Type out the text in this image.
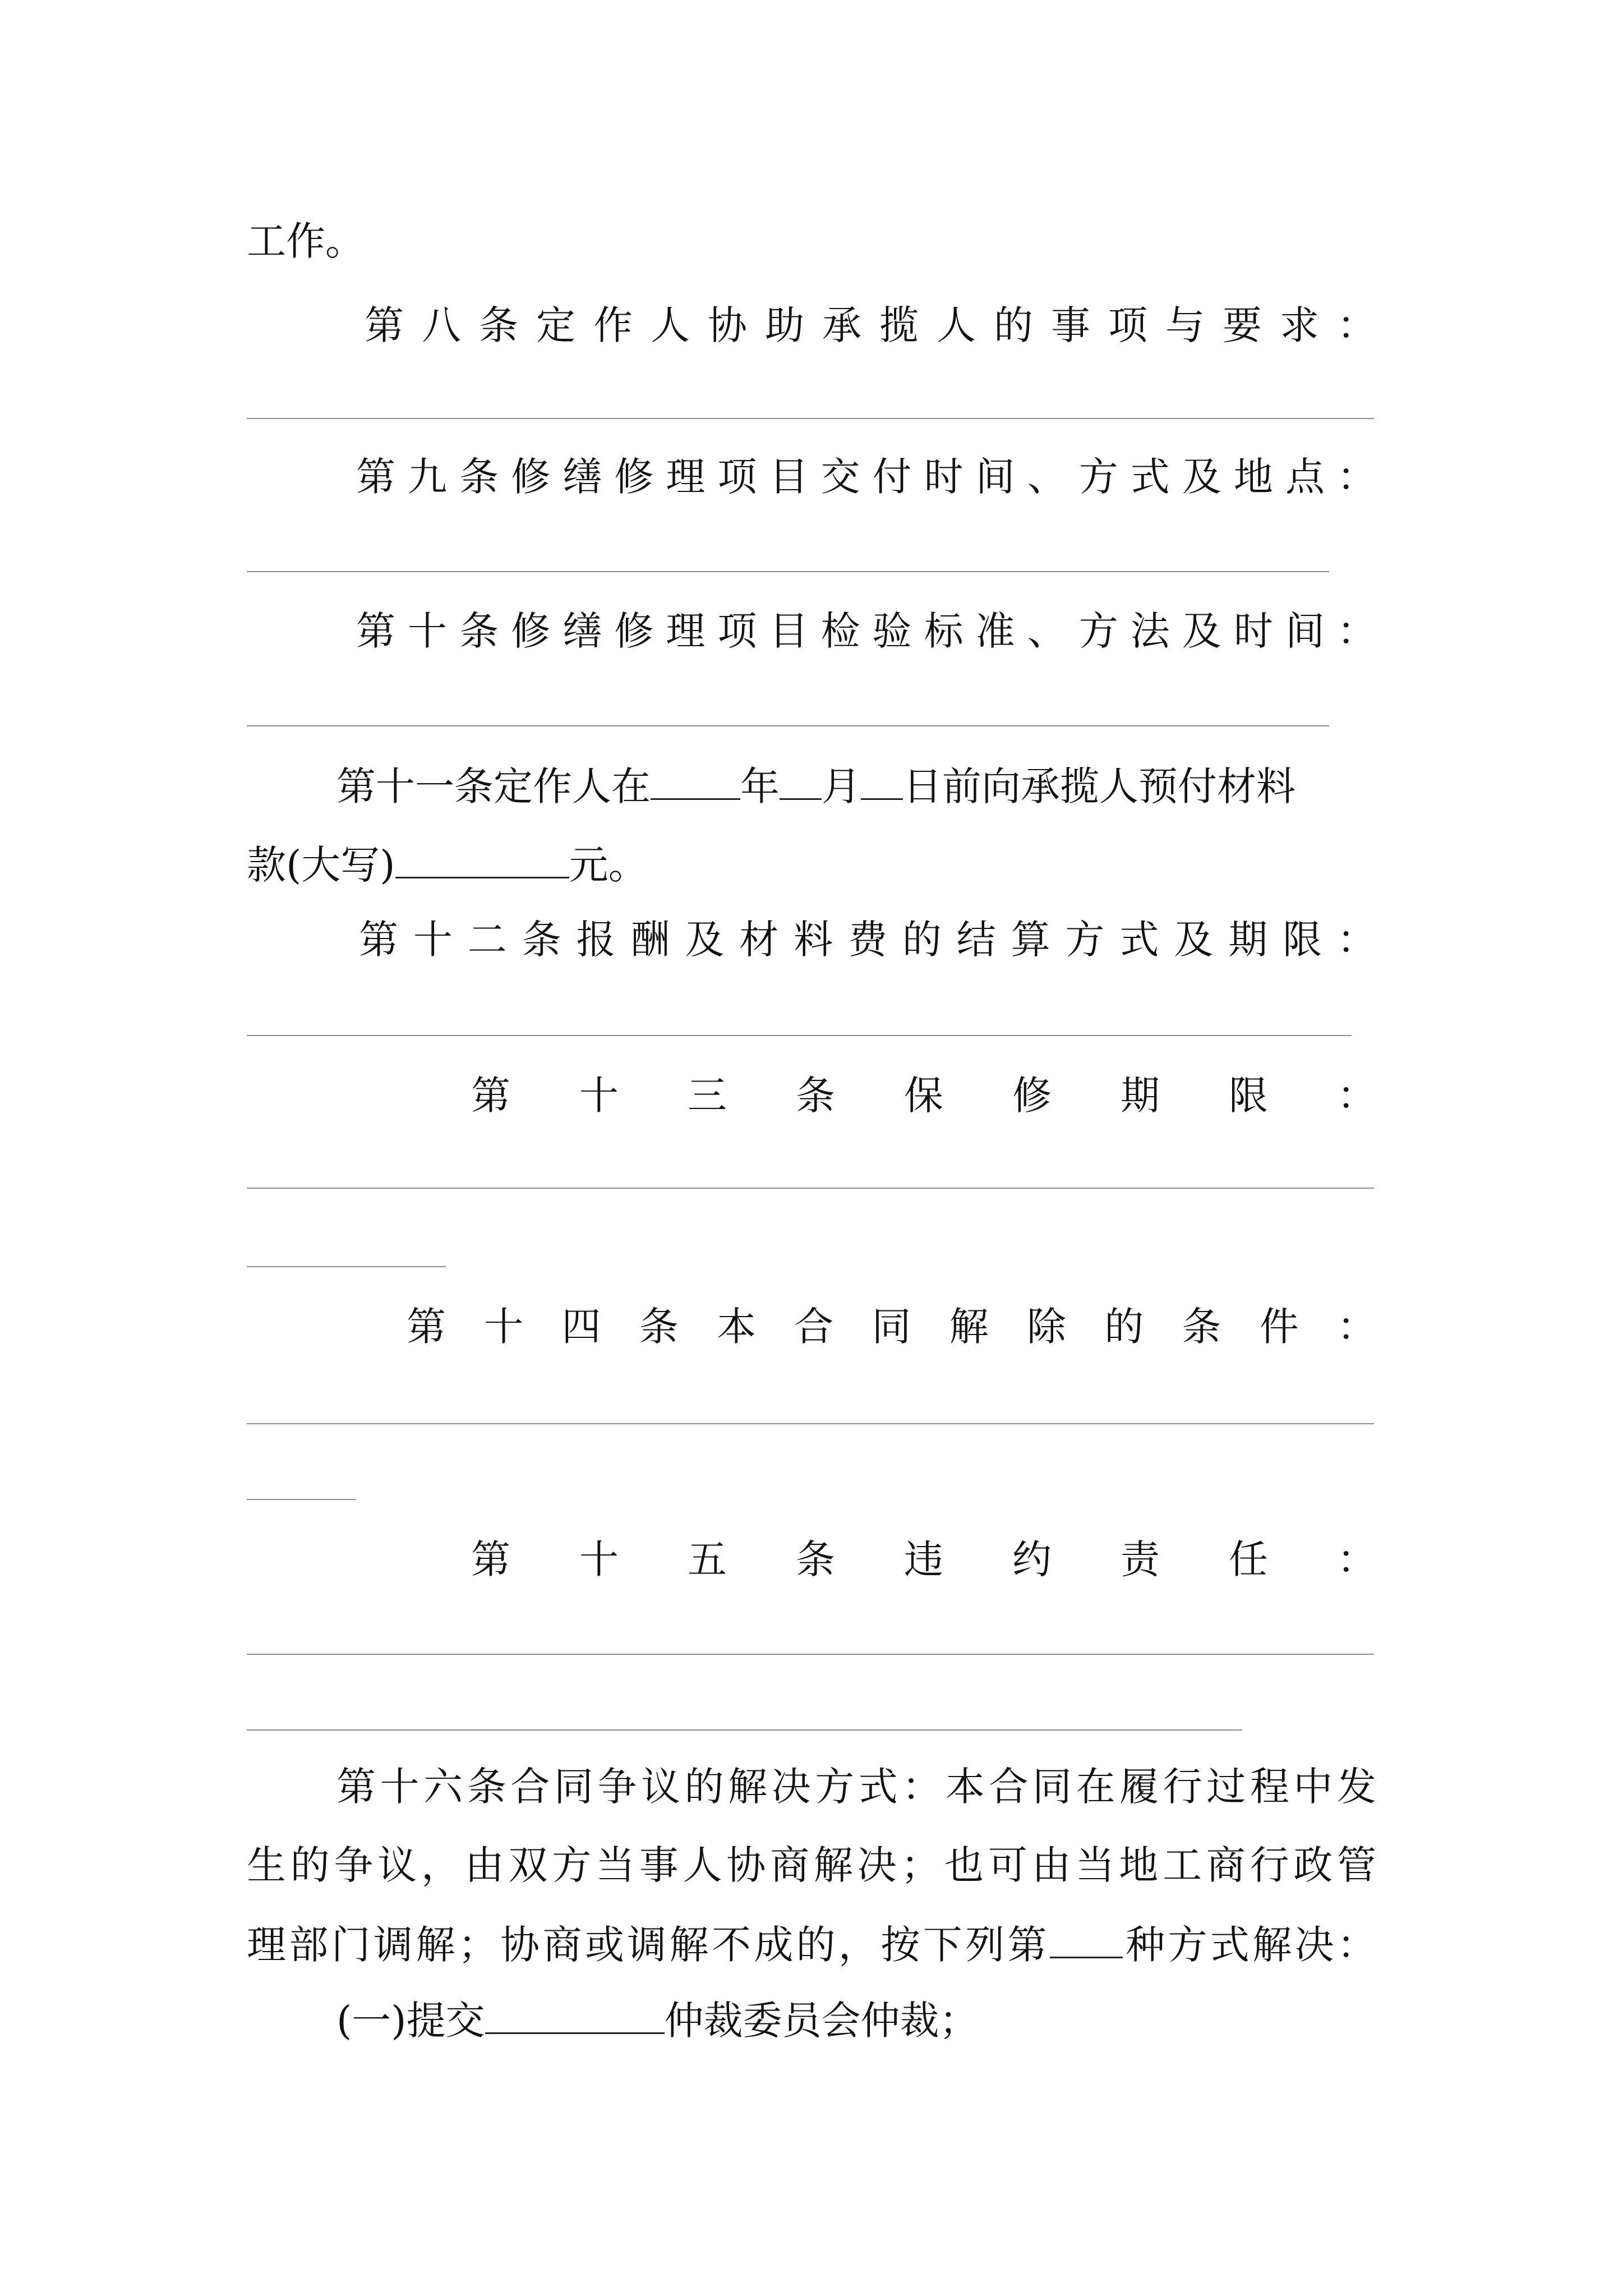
工作。
第八条定作人协助承揽人的事项与要求：
第九条修缮修理项目交付时间、方式及地点：
第十条修缮修理项目检验标准、方法及时间：
第十一条定作人在 年 月 日前向承揽人预付材料
款(大写)	元。
第十二条报酬及材料费的结算方式及期限：
第十三条保修期限：
第十四条本合同解除的条件：
第十五条违约责任：
第十六条合同争议的解决方式：本合同在履行过程中发
生的争议，由双方当事人协商解决；也可由当地工商行政管
理部门调解；协商或调解不成的，按下列第 种方式解决：
(一)提交	仲裁委员会仲裁；
